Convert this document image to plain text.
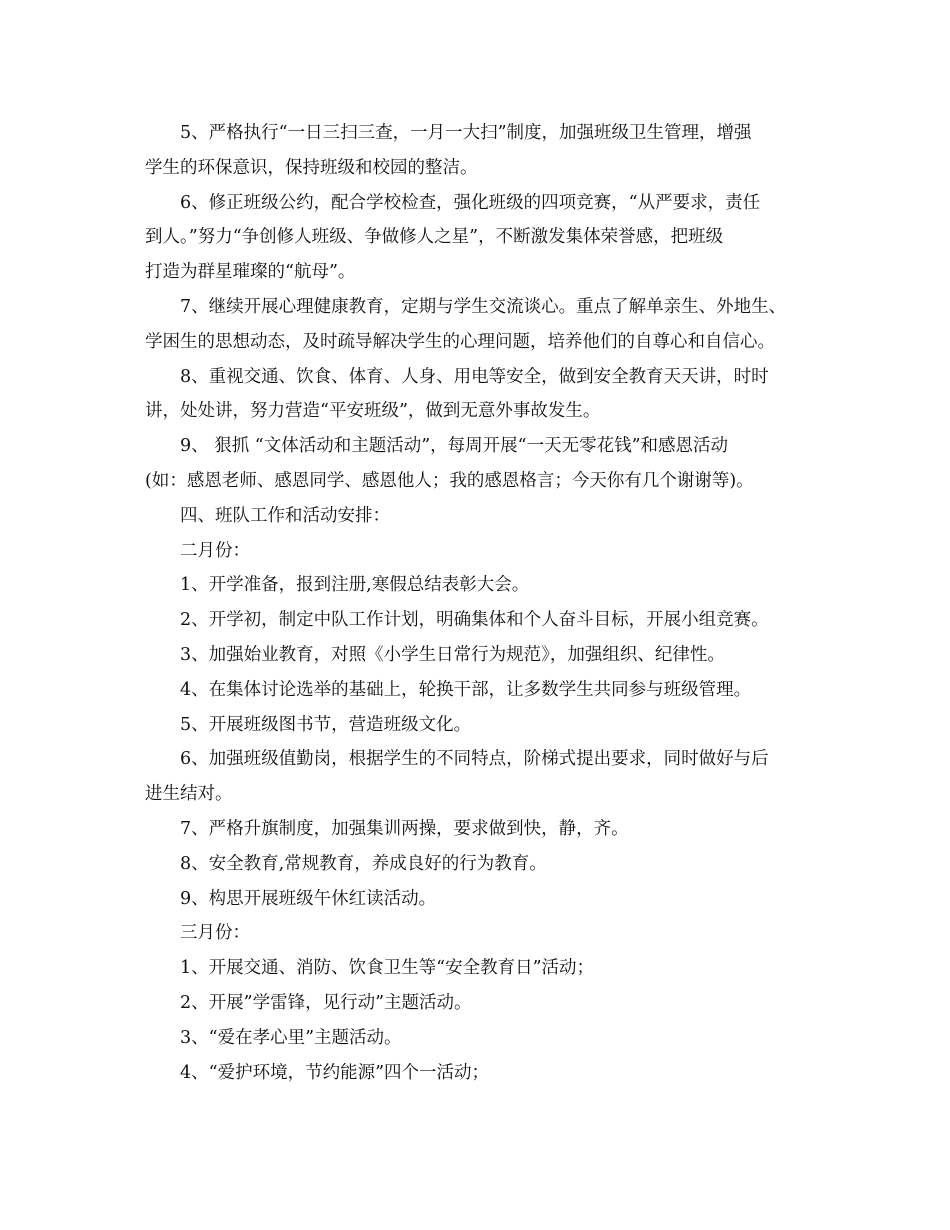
5、严格执行“一日三扫三查，一月一大扫”制度，加强班级卫生管理，增强
学生的环保意识，保持班级和校园的整洁。
6、修正班级公约，配合学校检查，强化班级的四项竞赛，“从严要求，责任
到人。”努力“争创修人班级、争做修人之星”，不断激发集体荣誉感，把班级
打造为群星璀璨的“航母”。
7、继续开展心理健康教育，定期与学生交流谈心。重点了解单亲生、外地生、
学困生的思想动态，及时疏导解决学生的心理问题，培养他们的自尊心和自信心。
8、重视交通、饮食、体育、人身、用电等安全，做到安全教育天天讲，时时
讲，处处讲，努力营造“平安班级”，做到无意外事故发生。
9、 狠抓 “文体活动和主题活动”，每周开展“一天无零花钱”和感恩活动
(如：感恩老师、感恩同学、感恩他人；我的感恩格言；今天你有几个谢谢等)。
四、班队工作和活动安排：
二月份：
1、开学准备，报到注册,寒假总结表彰大会。
2、开学初，制定中队工作计划，明确集体和个人奋斗目标，开展小组竞赛。
3、加强始业教育，对照《小学生日常行为规范》，加强组织、纪律性。
4、在集体讨论选举的基础上，轮换干部，让多数学生共同参与班级管理。
5、开展班级图书节，营造班级文化。
6、加强班级值勤岗，根据学生的不同特点，阶梯式提出要求，同时做好与后
进生结对。
7、严格升旗制度，加强集训两操，要求做到快，静，齐。
8、安全教育,常规教育，养成良好的行为教育。
9、构思开展班级午休红读活动。
三月份：
1、开展交通、消防、饮食卫生等“安全教育日”活动；
2、开展”学雷锋，见行动”主题活动。
3、“爱在孝心里”主题活动。
4、“爱护环境，节约能源”四个一活动；
